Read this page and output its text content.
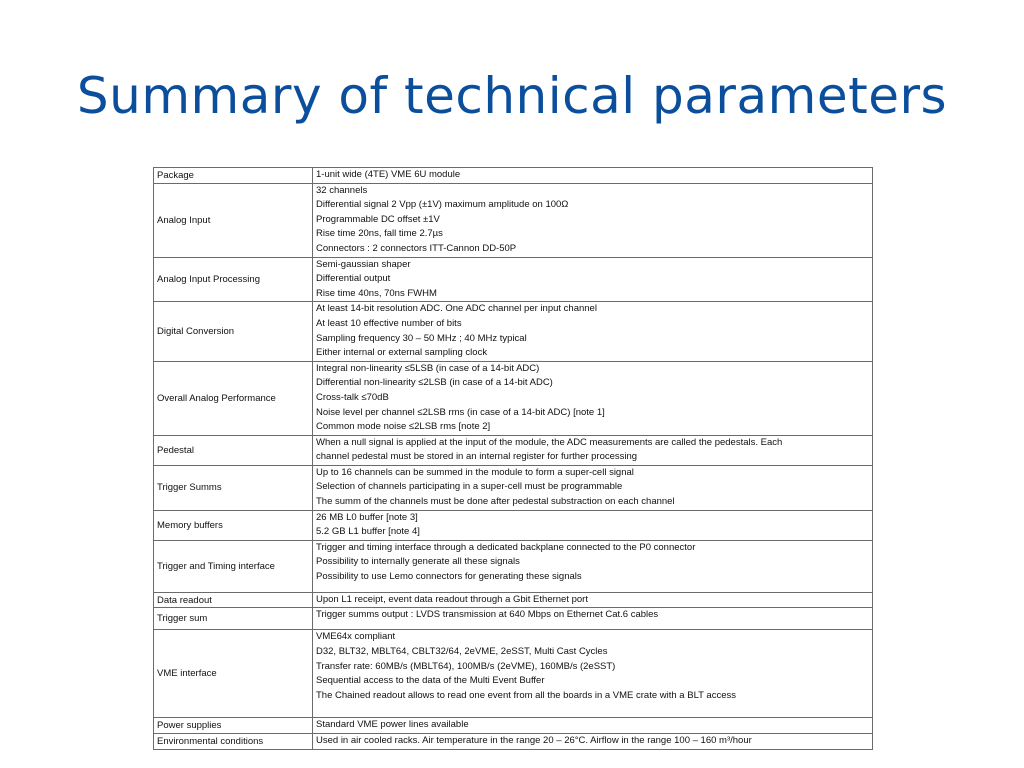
Summary of technical parameters
Package	1-unit wide (4TE) VME 6U module

Analog Input	32 channels
Differential signal 2 Vpp (±1V) maximum amplitude on 100Ω
Programmable DC offset ±1V
Rise time 20ns, fall time 2.7µs
Connectors : 2 connectors ITT-Cannon DD-50P

Analog Input Processing	Semi-gaussian shaper
Differential output
Rise time 40ns, 70ns FWHM

Digital Conversion	At least 14-bit resolution ADC. One ADC channel per input channel
At least 10 effective number of bits
Sampling frequency 30 – 50 MHz ; 40 MHz typical
Either internal or external sampling clock

Overall Analog Performance	Integral non-linearity ≤5LSB (in case of a 14-bit ADC)
Differential non-linearity ≤2LSB (in case of a 14-bit ADC)
Cross-talk ≤70dB
Noise level per channel ≤2LSB rms (in case of a 14-bit ADC) [note 1]
Common mode noise ≤2LSB rms [note 2]

Pedestal	When a null signal is applied at the input of the module, the ADC measurements are called the pedestals. Each
channel pedestal must be stored in an internal register for further processing

Trigger Summs	Up to 16 channels can be summed in the module to form a super-cell signal
Selection of channels participating in a super-cell must be programmable
The summ of the channels must be done after pedestal substraction on each channel

Memory buffers	26 MB L0 buffer [note 3]
5.2 GB L1 buffer [note 4]

Trigger and Timing interface	Trigger and timing interface through a dedicated backplane connected to the P0 connector
Possibility to internally generate all these signals
Possibility to use Lemo connectors for generating these signals

Data readout	Upon L1 receipt, event data readout through a Gbit Ethernet port

Trigger sum	Trigger summs output : LVDS transmission at 640 Mbps on Ethernet Cat.6 cables

VME interface	VME64x compliant
D32, BLT32, MBLT64, CBLT32/64, 2eVME, 2eSST, Multi Cast Cycles
Transfer rate: 60MB/s (MBLT64), 100MB/s (2eVME), 160MB/s (2eSST)
Sequential access to the data of the Multi Event Buffer
The Chained readout allows to read one event from all the boards in a VME crate with a BLT access

Power supplies	Standard VME power lines available

Environmental conditions	Used in air cooled racks. Air temperature in the range 20 – 26°C. Airflow in the range 100 – 160 m³/hour
